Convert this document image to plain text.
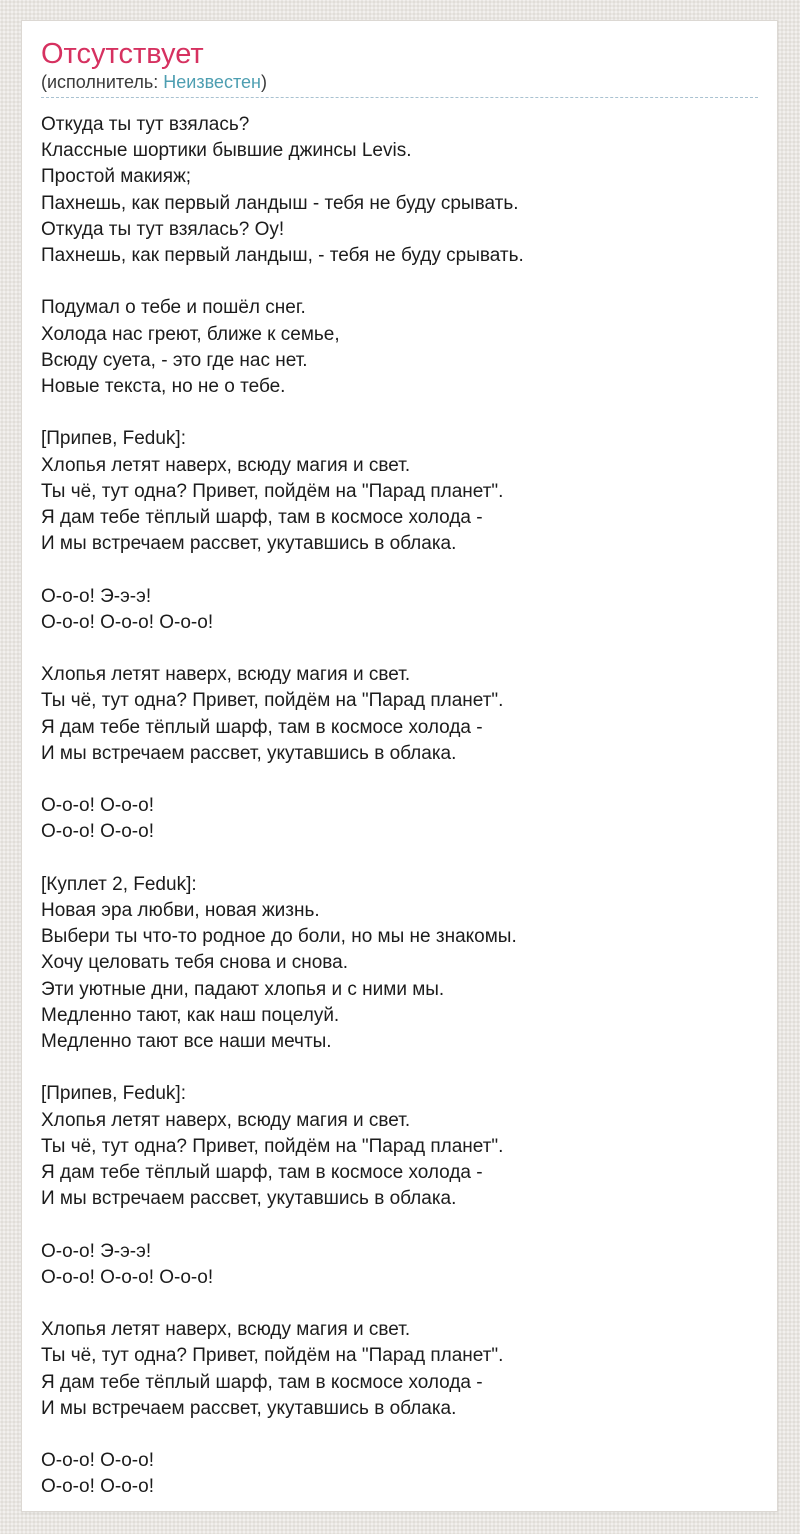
Отсутствует
(исполнитель: Неизвестен)
Откуда ты тут взялась?
Классные шортики бывшие джинсы Levis.
Простой макияж;
Пахнешь, как первый ландыш - тебя не буду срывать.
Откуда ты тут взялась? Оу!
Пахнешь, как первый ландыш, - тебя не буду срывать.
Подумал о тебе и пошёл снег.
Холода нас греют, ближе к семье,
Всюду суета, - это где нас нет.
Новые текста, но не о тебе.
[Припев, Feduk]:
Хлопья летят наверх, всюду магия и свет.
Ты чё, тут одна? Привет, пойдём на "Парад планет".
Я дам тебе тёплый шарф, там в космосе холода -
И мы встречаем рассвет, укутавшись в облака.
О-о-о! Э-э-э!
О-о-о! О-о-о! О-о-о!
Хлопья летят наверх, всюду магия и свет.
Ты чё, тут одна? Привет, пойдём на "Парад планет".
Я дам тебе тёплый шарф, там в космосе холода -
И мы встречаем рассвет, укутавшись в облака.
О-о-о! О-о-о!
О-о-о! О-о-о!
[Куплет 2, Feduk]:
Новая эра любви, новая жизнь.
Выбери ты что-то родное до боли, но мы не знакомы.
Хочу целовать тебя снова и снова.
Эти уютные дни, падают хлопья и с ними мы.
Медленно тают, как наш поцелуй.
Медленно тают все наши мечты.
[Припев, Feduk]:
Хлопья летят наверх, всюду магия и свет.
Ты чё, тут одна? Привет, пойдём на "Парад планет".
Я дам тебе тёплый шарф, там в космосе холода -
И мы встречаем рассвет, укутавшись в облака.
О-о-о! Э-э-э!
О-о-о! О-о-о! О-о-о!
Хлопья летят наверх, всюду магия и свет.
Ты чё, тут одна? Привет, пойдём на "Парад планет".
Я дам тебе тёплый шарф, там в космосе холода -
И мы встречаем рассвет, укутавшись в облака.
О-о-о! О-о-о!
О-о-о! О-о-о!
